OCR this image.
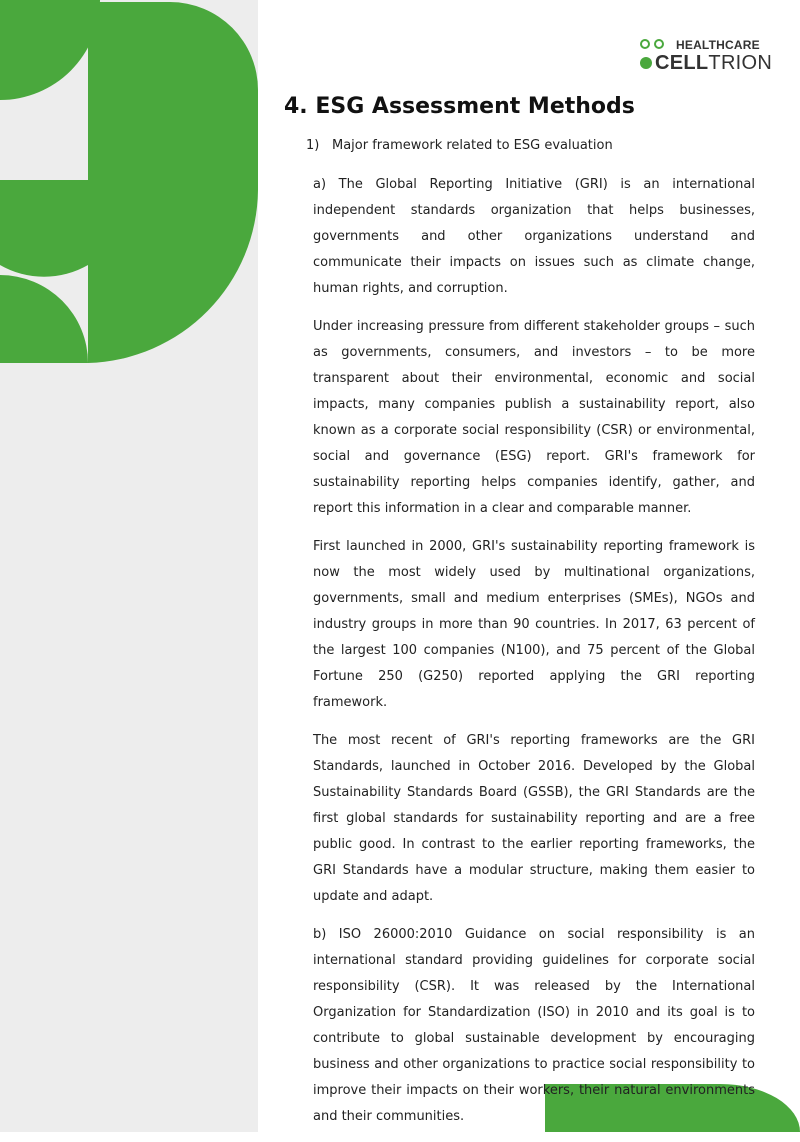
HEALTHCARE
CELLTRION
4. ESG Assessment Methods

1) Major framework related to ESG evaluation

a) The Global Reporting Initiative (GRI) is an international independent standards organization that helps businesses, governments and other organizations understand and communicate their impacts on issues such as climate change, human rights, and corruption.

Under increasing pressure from different stakeholder groups – such as governments, consumers, and investors – to be more transparent about their environmental, economic and social impacts, many companies publish a sustainability report, also known as a corporate social responsibility (CSR) or environmental, social and governance (ESG) report. GRI's framework for sustainability reporting helps companies identify, gather, and report this information in a clear and comparable manner.

First launched in 2000, GRI's sustainability reporting framework is now the most widely used by multinational organizations, governments, small and medium enterprises (SMEs), NGOs and industry groups in more than 90 countries. In 2017, 63 percent of the largest 100 companies (N100), and 75 percent of the Global Fortune 250 (G250) reported applying the GRI reporting framework.

The most recent of GRI's reporting frameworks are the GRI Standards, launched in October 2016. Developed by the Global Sustainability Standards Board (GSSB), the GRI Standards are the first global standards for sustainability reporting and are a free public good. In contrast to the earlier reporting frameworks, the GRI Standards have a modular structure, making them easier to update and adapt.

b) ISO 26000:2010 Guidance on social responsibility is an international standard providing guidelines for corporate social responsibility (CSR). It was released by the International Organization for Standardization (ISO) in 2010 and its goal is to contribute to global sustainable development by encouraging business and other organizations to practice social responsibility to improve their impacts on their workers, their natural environments and their communities.
